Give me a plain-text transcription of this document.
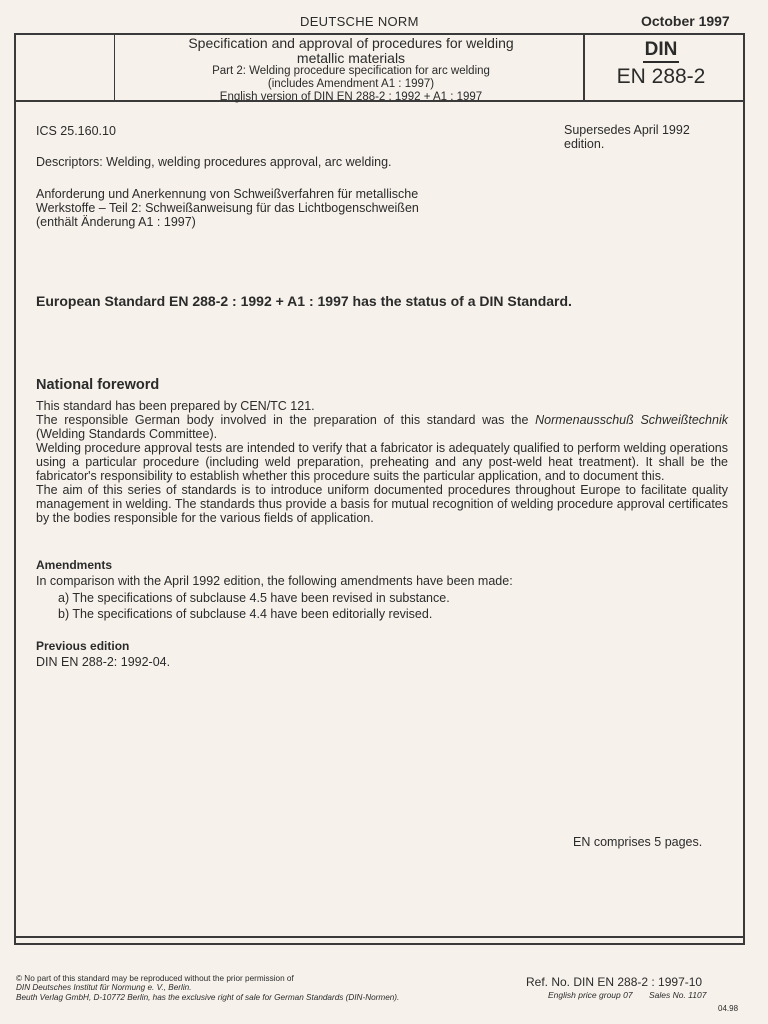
DEUTSCHE NORM	October 1997
Specification and approval of procedures for welding
metallic materials
Part 2: Welding procedure specification for arc welding
(includes Amendment A1 : 1997)
English version of DIN EN 288-2 : 1992 + A1 : 1997
DIN
EN 288-2
ICS 25.160.10	Supersedes April 1992
edition.
Descriptors: Welding, welding procedures approval, arc welding.
Anforderung und Anerkennung von Schweißverfahren für metallische
Werkstoffe – Teil 2: Schweißanweisung für das Lichtbogenschweißen
(enthält Änderung A1 : 1997)
European Standard EN 288-2 : 1992 + A1 : 1997 has the status of a DIN Standard.
National foreword

This standard has been prepared by CEN/TC 121.

The responsible German body involved in the preparation of this standard was the Normenausschuß Schweißtechnik (Welding Standards Committee).

Welding procedure approval tests are intended to verify that a fabricator is adequately qualified to perform welding operations using a particular procedure (including weld preparation, preheating and any post-weld heat treatment). It shall be the fabricator's responsibility to establish whether this procedure suits the particular application, and to document this.

The aim of this series of standards is to introduce uniform documented procedures throughout Europe to facilitate quality management in welding. The standards thus provide a basis for mutual recognition of welding procedure approval certificates by the bodies responsible for the various fields of application.

Amendments
In comparison with the April 1992 edition, the following amendments have been made:
a) The specifications of subclause 4.5 have been revised in substance.
b) The specifications of subclause 4.4 have been editorially revised.
Previous edition
DIN EN 288-2: 1992-04.
EN comprises 5 pages.
© No part of this standard may be reproduced without the prior permission of
DIN Deutsches Institut für Normung e. V., Berlin.
Beuth Verlag GmbH, D-10772 Berlin, has the exclusive right of sale for German Standards (DIN-Normen).
Ref. No. DIN EN 288-2 : 1997-10
English price group 07 Sales No. 1107
04.98
